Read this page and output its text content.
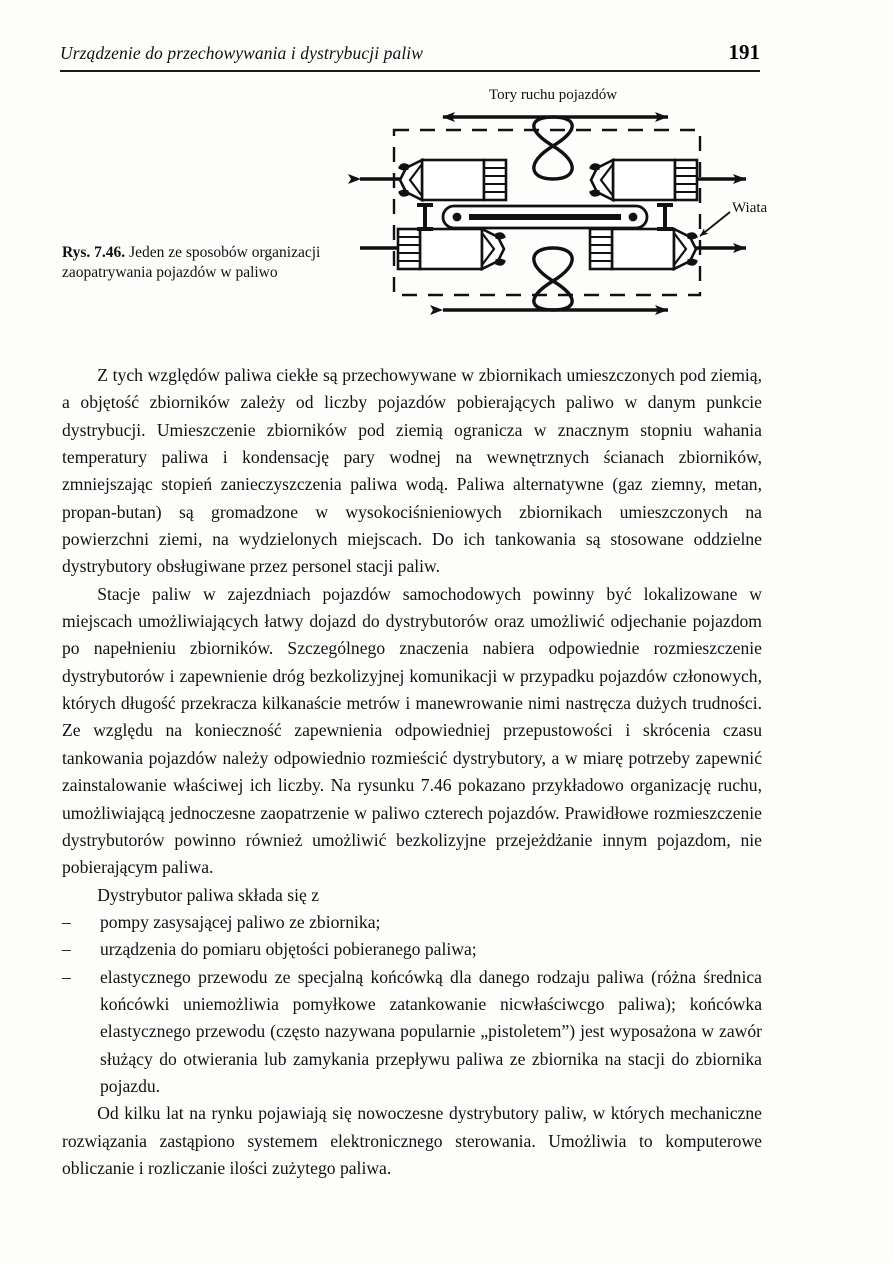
Urządzenie do przechowywania i dystrybucji paliw	191
Tory ruchu pojazdów
Wiata
Rys. 7.46. Jeden ze sposobów organizacji zaopatrywania pojazdów w paliwo

Z tych względów paliwa ciekłe są przechowywane w zbiornikach umieszczonych pod ziemią, a objętość zbiorników zależy od liczby pojazdów pobierających paliwo w danym punkcie dystrybucji. Umieszczenie zbiorników pod ziemią ogranicza w znacznym stopniu wahania temperatury paliwa i kondensację pary wodnej na wewnętrznych ścianach zbiorników, zmniejszając stopień zanieczyszczenia paliwa wodą. Paliwa alternatywne (gaz ziemny, metan, propan-butan) są gromadzone w wysokociśnieniowych zbiornikach umieszczonych na powierzchni ziemi, na wydzielonych miejscach. Do ich tankowania są stosowane oddzielne dystrybutory obsługiwane przez personel stacji paliw.

Stacje paliw w zajezdniach pojazdów samochodowych powinny być lokalizowane w miejscach umożliwiających łatwy dojazd do dystrybutorów oraz umożliwić odjechanie pojazdom po napełnieniu zbiorników. Szczególnego znaczenia nabiera odpowiednie rozmieszczenie dystrybutorów i zapewnienie dróg bezkolizyjnej komunikacji w przypadku pojazdów członowych, których długość przekracza kilkanaście metrów i manewrowanie nimi nastręcza dużych trudności. Ze względu na konieczność zapewnienia odpowiedniej przepustowości i skrócenia czasu tankowania pojazdów należy odpowiednio rozmieścić dystrybutory, a w miarę potrzeby zapewnić zainstalowanie właściwej ich liczby. Na rysunku 7.46 pokazano przykładowo organizację ruchu, umożliwiającą jednoczesne zaopatrzenie w paliwo czterech pojazdów. Prawidłowe rozmieszczenie dystrybutorów powinno również umożliwić bezkolizyjne przejeżdżanie innym pojazdom, nie pobierającym paliwa.

Dystrybutor paliwa składa się z

– pompy zasysającej paliwo ze zbiornika;
– urządzenia do pomiaru objętości pobieranego paliwa;
– elastycznego przewodu ze specjalną końcówką dla danego rodzaju paliwa (różna średnica końcówki uniemożliwia pomyłkowe zatankowanie nicwłaściwcgo paliwa); końcówka elastycznego przewodu (często nazywana popularnie „pistoletem”) jest wyposażona w zawór służący do otwierania lub zamykania przepływu paliwa ze zbiornika na stacji do zbiornika pojazdu.

Od kilku lat na rynku pojawiają się nowoczesne dystrybutory paliw, w których mechaniczne rozwiązania zastąpiono systemem elektronicznego sterowania. Umożliwia to komputerowe obliczanie i rozliczanie ilości zużytego paliwa.
